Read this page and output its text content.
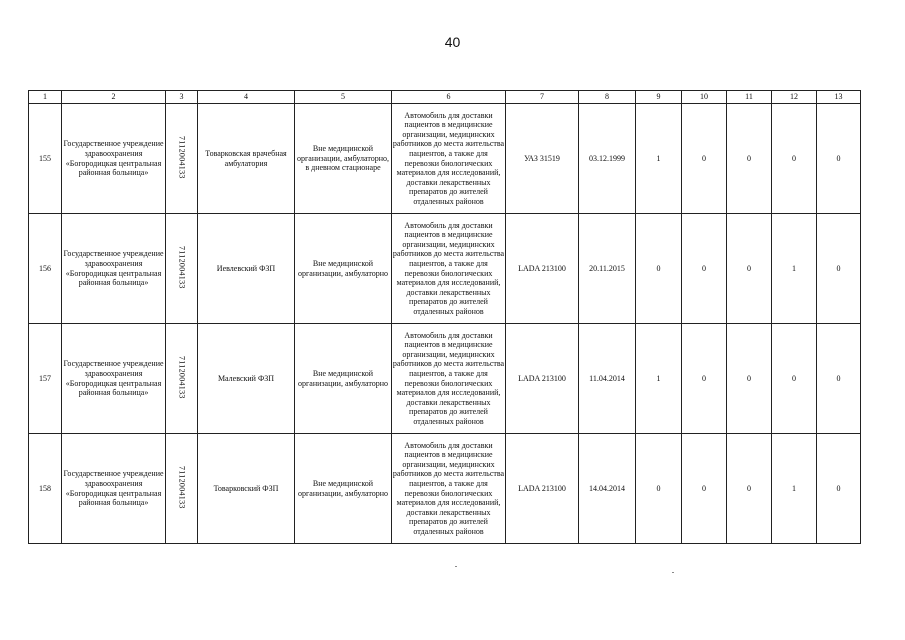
40
1	2	3	4	5	6	7	8	9	10	11	12	13
155	Государственное учреждение здравоохранения «Богородицкая центральная районная больница»	7112004133	Товарковская врачебная амбулатория	Вне медицинской организации, амбулаторно, в дневном стационаре	Автомобиль для доставки пациентов в медицинские организации, медицинских работников до места жительства пациентов, а также для перевозки биологических материалов для исследований, доставки лекарственных препаратов до жителей отдаленных районов	УАЗ 31519	03.12.1999	1	0	0	0	0
156	Государственное учреждение здравоохранения «Богородицкая центральная районная больница»	7112004133	Иевлевский ФЗП	Вне медицинской организации, амбулаторно	Автомобиль для доставки пациентов в медицинские организации, медицинских работников до места жительства пациентов, а также для перевозки биологических материалов для исследований, доставки лекарственных препаратов до жителей отдаленных районов	LADA 213100	20.11.2015	0	0	0	1	0
157	Государственное учреждение здравоохранения «Богородицкая центральная районная больница»	7112004133	Малевский ФЗП	Вне медицинской организации, амбулаторно	Автомобиль для доставки пациентов в медицинские организации, медицинских работников до места жительства пациентов, а также для перевозки биологических материалов для исследований, доставки лекарственных препаратов до жителей отдаленных районов	LADA 213100	11.04.2014	1	0	0	0	0
158	Государственное учреждение здравоохранения «Богородицкая центральная районная больница»	7112004133	Товарковский ФЗП	Вне медицинской организации, амбулаторно	Автомобиль для доставки пациентов в медицинские организации, медицинских работников до места жительства пациентов, а также для перевозки биологических материалов для исследований, доставки лекарственных препаратов до жителей отдаленных районов	LADA 213100	14.04.2014	0	0	0	1	0
